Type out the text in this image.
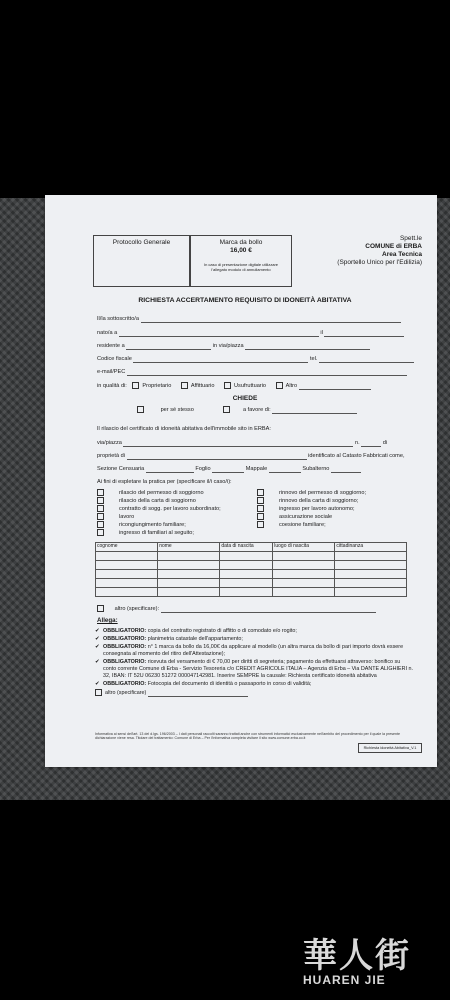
Protocollo Generale	Marca da bollo
16,00 €
In caso di presentazione digitale utilizzare l'allegato modulo di annullamento
Spett.le
COMUNE di ERBA
Area Tecnica
(Sportello Unico per l'Edilizia)
RICHIESTA ACCERTAMENTO REQUISITO DI IDONEITÀ ABITATIVA
Il/la sottoscritto/a
nato/a a	il
residente a	in via/piazza
Codice fiscale	tel.
e-mail/PEC
in qualità di:	Proprietario	Affittuario	Usufruttuario	Altro
CHIEDE
per sé stesso	a favore di:
Il rilascio del certificato di idoneità abitativa dell'immobile sito in ERBA:
via/piazza	n.	di
proprietà di	identificato al Catasto Fabbricati come,
Sezione Censuaria	Foglio	Mappale	Subalterno
Ai fini di espletare la pratica per (specificare il/i caso/i):
rilascio del permesso di soggiorno
rilascio della carta di soggiorno
contratto di sogg. per lavoro subordinato;
lavoro
ricongiungimento familiare;
ingresso di familiari al seguito;
rinnovo del permesso di soggiorno;
rinnovo della carta di soggiorno;
ingresso per lavoro autonomo;
assicurazione sociale
coesione familiare;
cognome	nome	data di nascita	luogo di nascita	cittadinanza

altro (specificare):
Allega:
✔ OBBLIGATORIO: copia del contratto registrato di affitto o di comodato e/o rogito;
✔ OBBLIGATORIO: planimetria catastale dell'appartamento;
✔ OBBLIGATORIO: n° 1 marca da bollo da 16,00€ da applicare al modello (un altra marca da bollo di pari importo dovrà essere consegnata al momento del ritiro dell'Attestazione);
✔ OBBLIGATORIO: ricevuta del versamento di € 70,00 per diritti di segreteria; pagamento da effettuarsi attraverso: bonifico su conto corrente Comune di Erba - Servizio Tesoreria c/o CREDIT AGRICOLE ITALIA – Agenzia di Erba – Via DANTE ALIGHIERI n. 32, IBAN: IT 52U 06230 51272 000047142981. Inserire SEMPRE la causale: Richiesta certificato idoneità abitativa
✔ OBBLIGATORIO: Fotocopia del documento di identità o passaporto in corso di validità;
altro (specificare)
Informativa ai sensi dell'art. 13 del d.lgs. 196/2003 – I dati personali raccolti saranno trattati anche con strumenti informatici esclusivamente nell'ambito del procedimento per il quale la presente dichiarazione viene resa. Titolare del trattamento: Comune di Erba – Per l'informativa completa visitare il sito www.comune.erba.co.it
Richiesta idoneità Abitativa_V.1
華人街
HUAREN JIE
